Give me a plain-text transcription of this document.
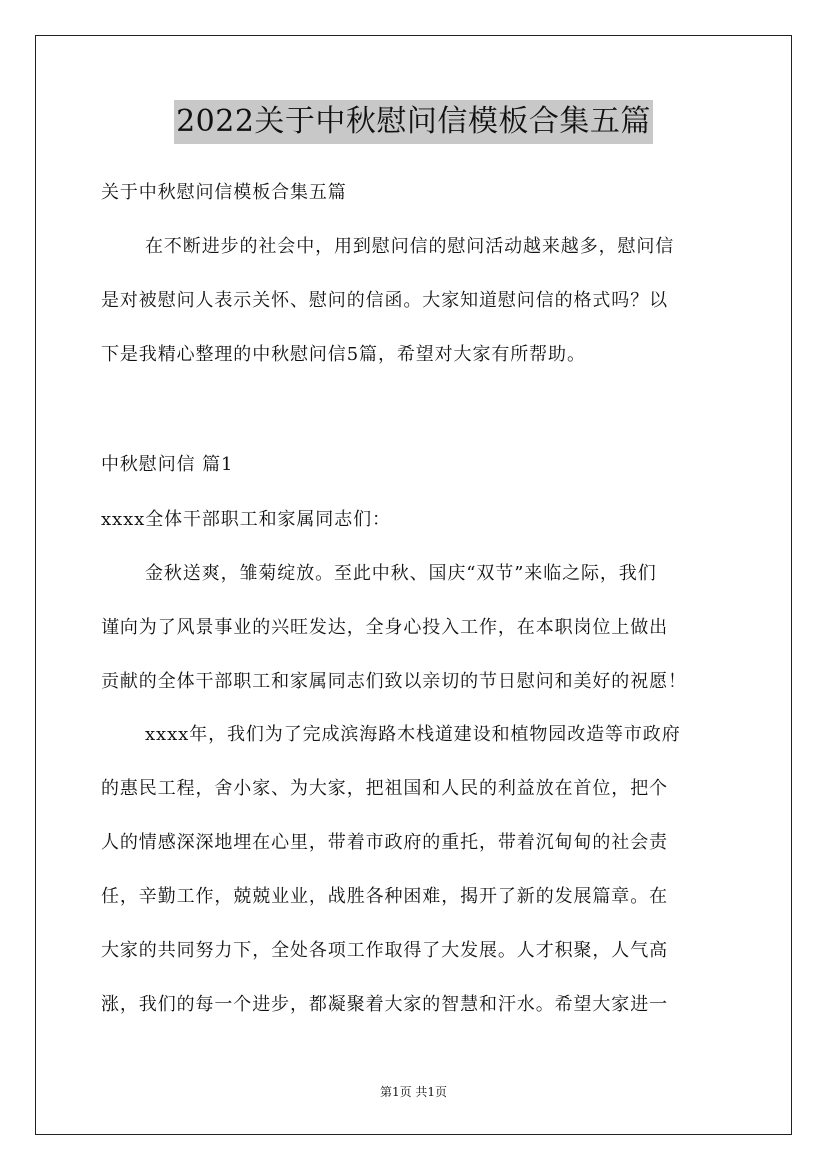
2022关于中秋慰问信模板合集五篇
关于中秋慰问信模板合集五篇
在不断进步的社会中，用到慰问信的慰问活动越来越多，慰问信
是对被慰问人表示关怀、慰问的信函。大家知道慰问信的格式吗？以
下是我精心整理的中秋慰问信5篇，希望对大家有所帮助。
中秋慰问信 篇1
xxxx全体干部职工和家属同志们：
金秋送爽，雏菊绽放。至此中秋、国庆“双节”来临之际，我们
谨向为了风景事业的兴旺发达，全身心投入工作，在本职岗位上做出
贡献的全体干部职工和家属同志们致以亲切的节日慰问和美好的祝愿！
xxxx年，我们为了完成滨海路木栈道建设和植物园改造等市政府
的惠民工程，舍小家、为大家，把祖国和人民的利益放在首位，把个
人的情感深深地埋在心里，带着市政府的重托，带着沉甸甸的社会责
任，辛勤工作，兢兢业业，战胜各种困难，揭开了新的发展篇章。在
大家的共同努力下，全处各项工作取得了大发展。人才积聚，人气高
涨，我们的每一个进步，都凝聚着大家的智慧和汗水。希望大家进一
第1页 共1页
